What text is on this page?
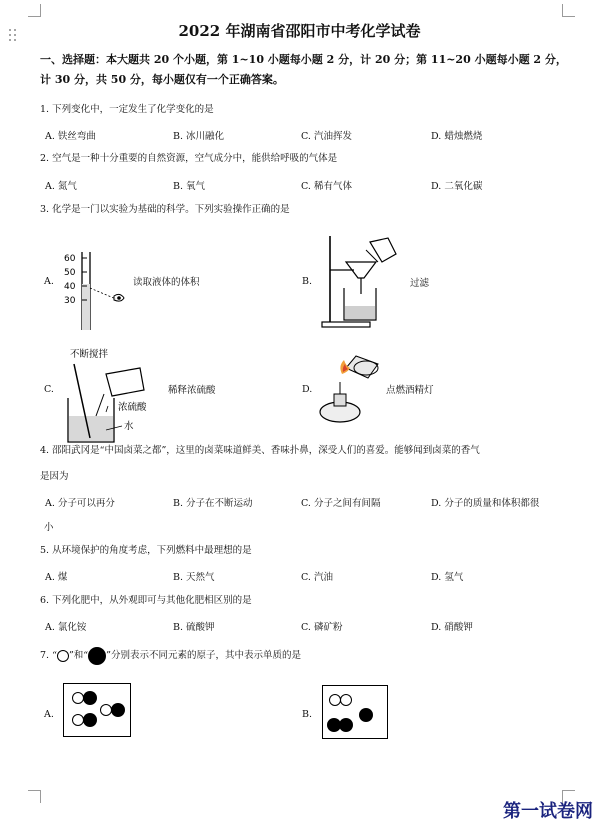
2022 年湖南省邵阳市中考化学试卷
一、选择题：本大题共 20 个小题，第 1~10 小题每小题 2 分，计 20 分；第 11~20 小题每小题 2 分，计 30 分，共 50 分，每小题仅有一个正确答案。
1. 下列变化中，一定发生了化学变化的是
A. 铁丝弯曲	B. 冰川融化	C. 汽油挥发	D. 蜡烛燃烧
2. 空气是一种十分重要的自然资源，空气成分中，能供给呼吸的气体是
A. 氮气	B. 氧气	C. 稀有气体	D. 二氧化碳
3. 化学是一门以实验为基础的科学。下列实验操作正确的是
A.
60
50
40
30
读取液体的体积	B.	过滤
C.
不断搅拌
浓硫酸
水
稀释浓硫酸	D.	点燃酒精灯
4. 邵阳武冈是“中国卤菜之都”，这里的卤菜味道鲜美、香味扑鼻，深受人们的喜爱。能够闻到卤菜的香气
是因为
A. 分子可以再分	B. 分子在不断运动	C. 分子之间有间隔	D. 分子的质量和体积都很
小
5. 从环境保护的角度考虑，下列燃料中最理想的是
A. 煤	B. 天然气	C. 汽油	D. 氢气
6. 下列化肥中，从外观即可与其他化肥相区别的是
A. 氯化铵	B. 硫酸钾	C. 磷矿粉	D. 硝酸钾
7. “ ”和“ ”分别表示不同元素的原子，其中表示单质的是
A.	B.
第一试卷网
